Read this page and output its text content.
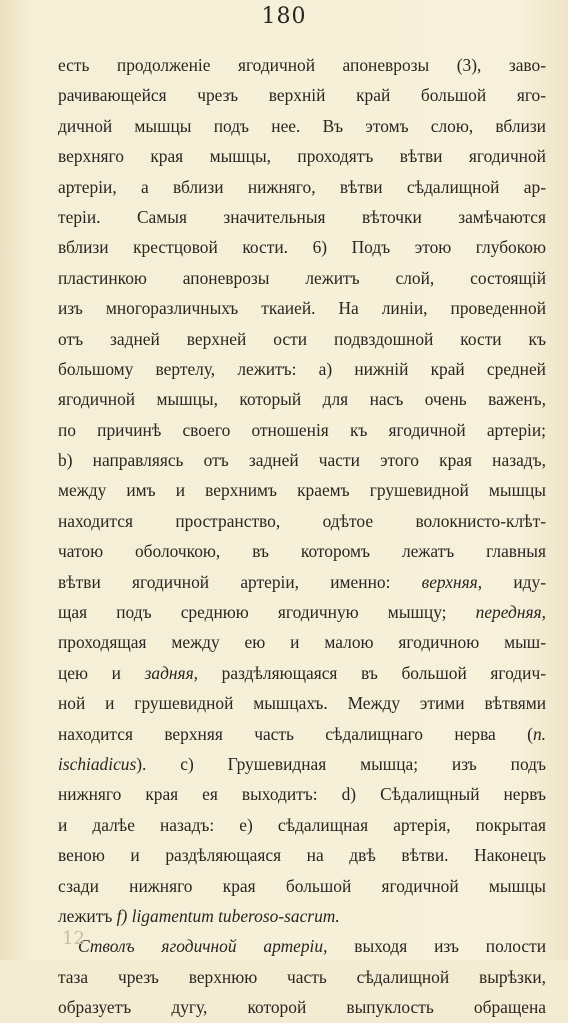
180
есть продолженіе ягодичной апоневрозы (3), заво-
рачивающейся чрезъ верхній край большой яго-
дичной мышцы подъ нее. Въ этомъ слою, вблизи
верхняго края мышцы, проходятъ вѣтви ягодичной
артеріи, а вблизи нижняго, вѣтви сѣдалищной ар-
теріи. Самыя значительныя вѣточки замѣчаются
вблизи крестцовой кости. 6) Подъ этою глубокою
пластинкою апоневрозы лежитъ слой, состоящій
изъ многоразличныхъ ткаией. На линіи, проведенной
отъ задней верхней ости подвздошной кости къ
большому вертелу, лежитъ: а) нижній край средней
ягодичной мышцы, который для насъ очень важенъ,
по причинѣ своего отношенія къ ягодичной артеріи;
b) направляясь отъ задней части этого края назадъ,
между имъ и верхнимъ краемъ грушевидной мышцы
находится пространство, одѣтое волокнисто-клѣт-
чатою оболочкою, въ которомъ лежатъ главныя
вѣтви ягодичной артеріи, именно: верхняя, иду-
щая подъ среднюю ягодичную мышцу; передняя,
проходящая между ею и малою ягодичною мыш-
цею и задняя, раздѣляющаяся въ большой ягодич-
ной и грушевидной мышцахъ. Между этими вѣтвями
находится верхняя часть сѣдалищнаго нерва (n.
ischiadicus). c) Грушевидная мышца; изъ подъ
нижняго края ея выходитъ: d) Сѣдалищный нервъ
и далѣе назадъ: е) сѣдалищная артерія, покрытая
веною и раздѣляющаяся на двѣ вѣтви. Наконецъ
сзади нижняго края большой ягодичной мышцы
лежитъ f) ligamentum tuberoso-sacrum.
Стволъ ягодичной артеріи, выходя изъ полости
таза чрезъ верхнюю часть сѣдалищной вырѣзки,
образуетъ дугу, которой выпуклость обращена
12
